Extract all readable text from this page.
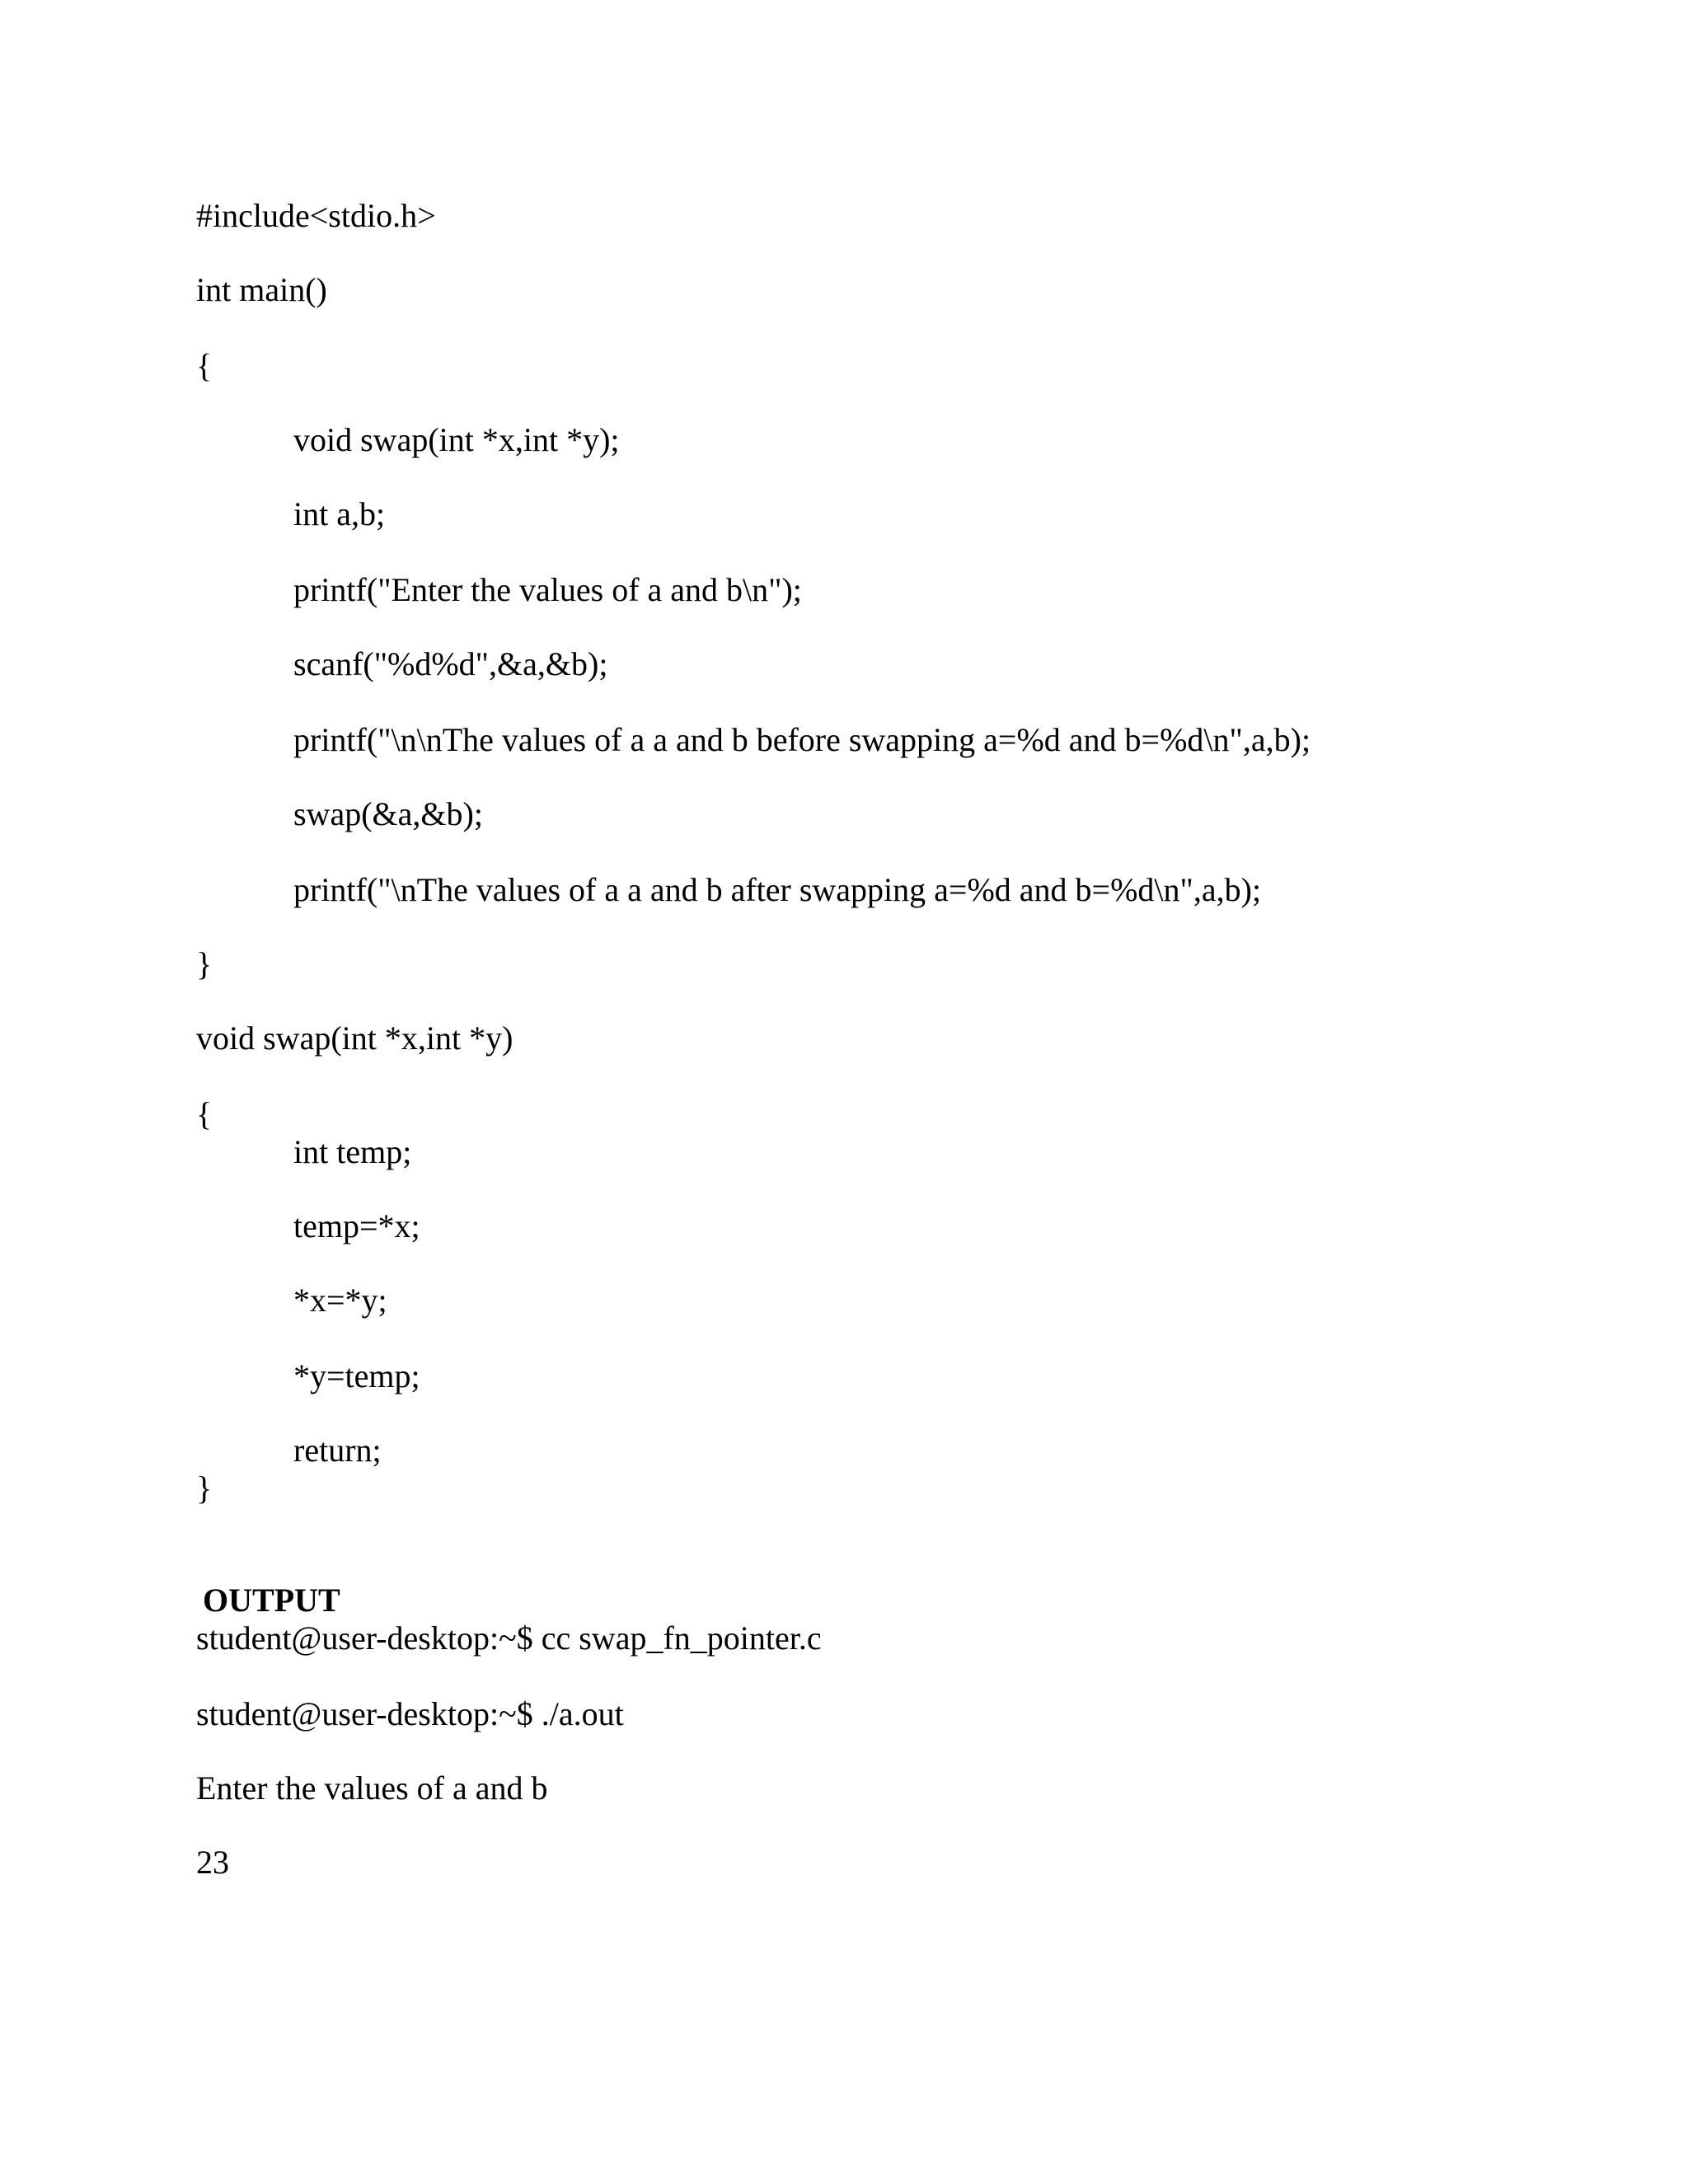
#include<stdio.h>
int main()
{
void swap(int *x,int *y);
int a,b;
printf("Enter the values of a and b\n");
scanf("%d%d",&a,&b);
printf("\n\nThe values of a a and b before swapping a=%d and b=%d\n",a,b);
swap(&a,&b);
printf("\nThe values of a a and b after swapping a=%d and b=%d\n",a,b);
}
void swap(int *x,int *y)
{
int temp;
temp=*x;
*x=*y;
*y=temp;
return;
}
OUTPUT
student@user-desktop:~$ cc swap_fn_pointer.c
student@user-desktop:~$ ./a.out
Enter the values of a and b
23
